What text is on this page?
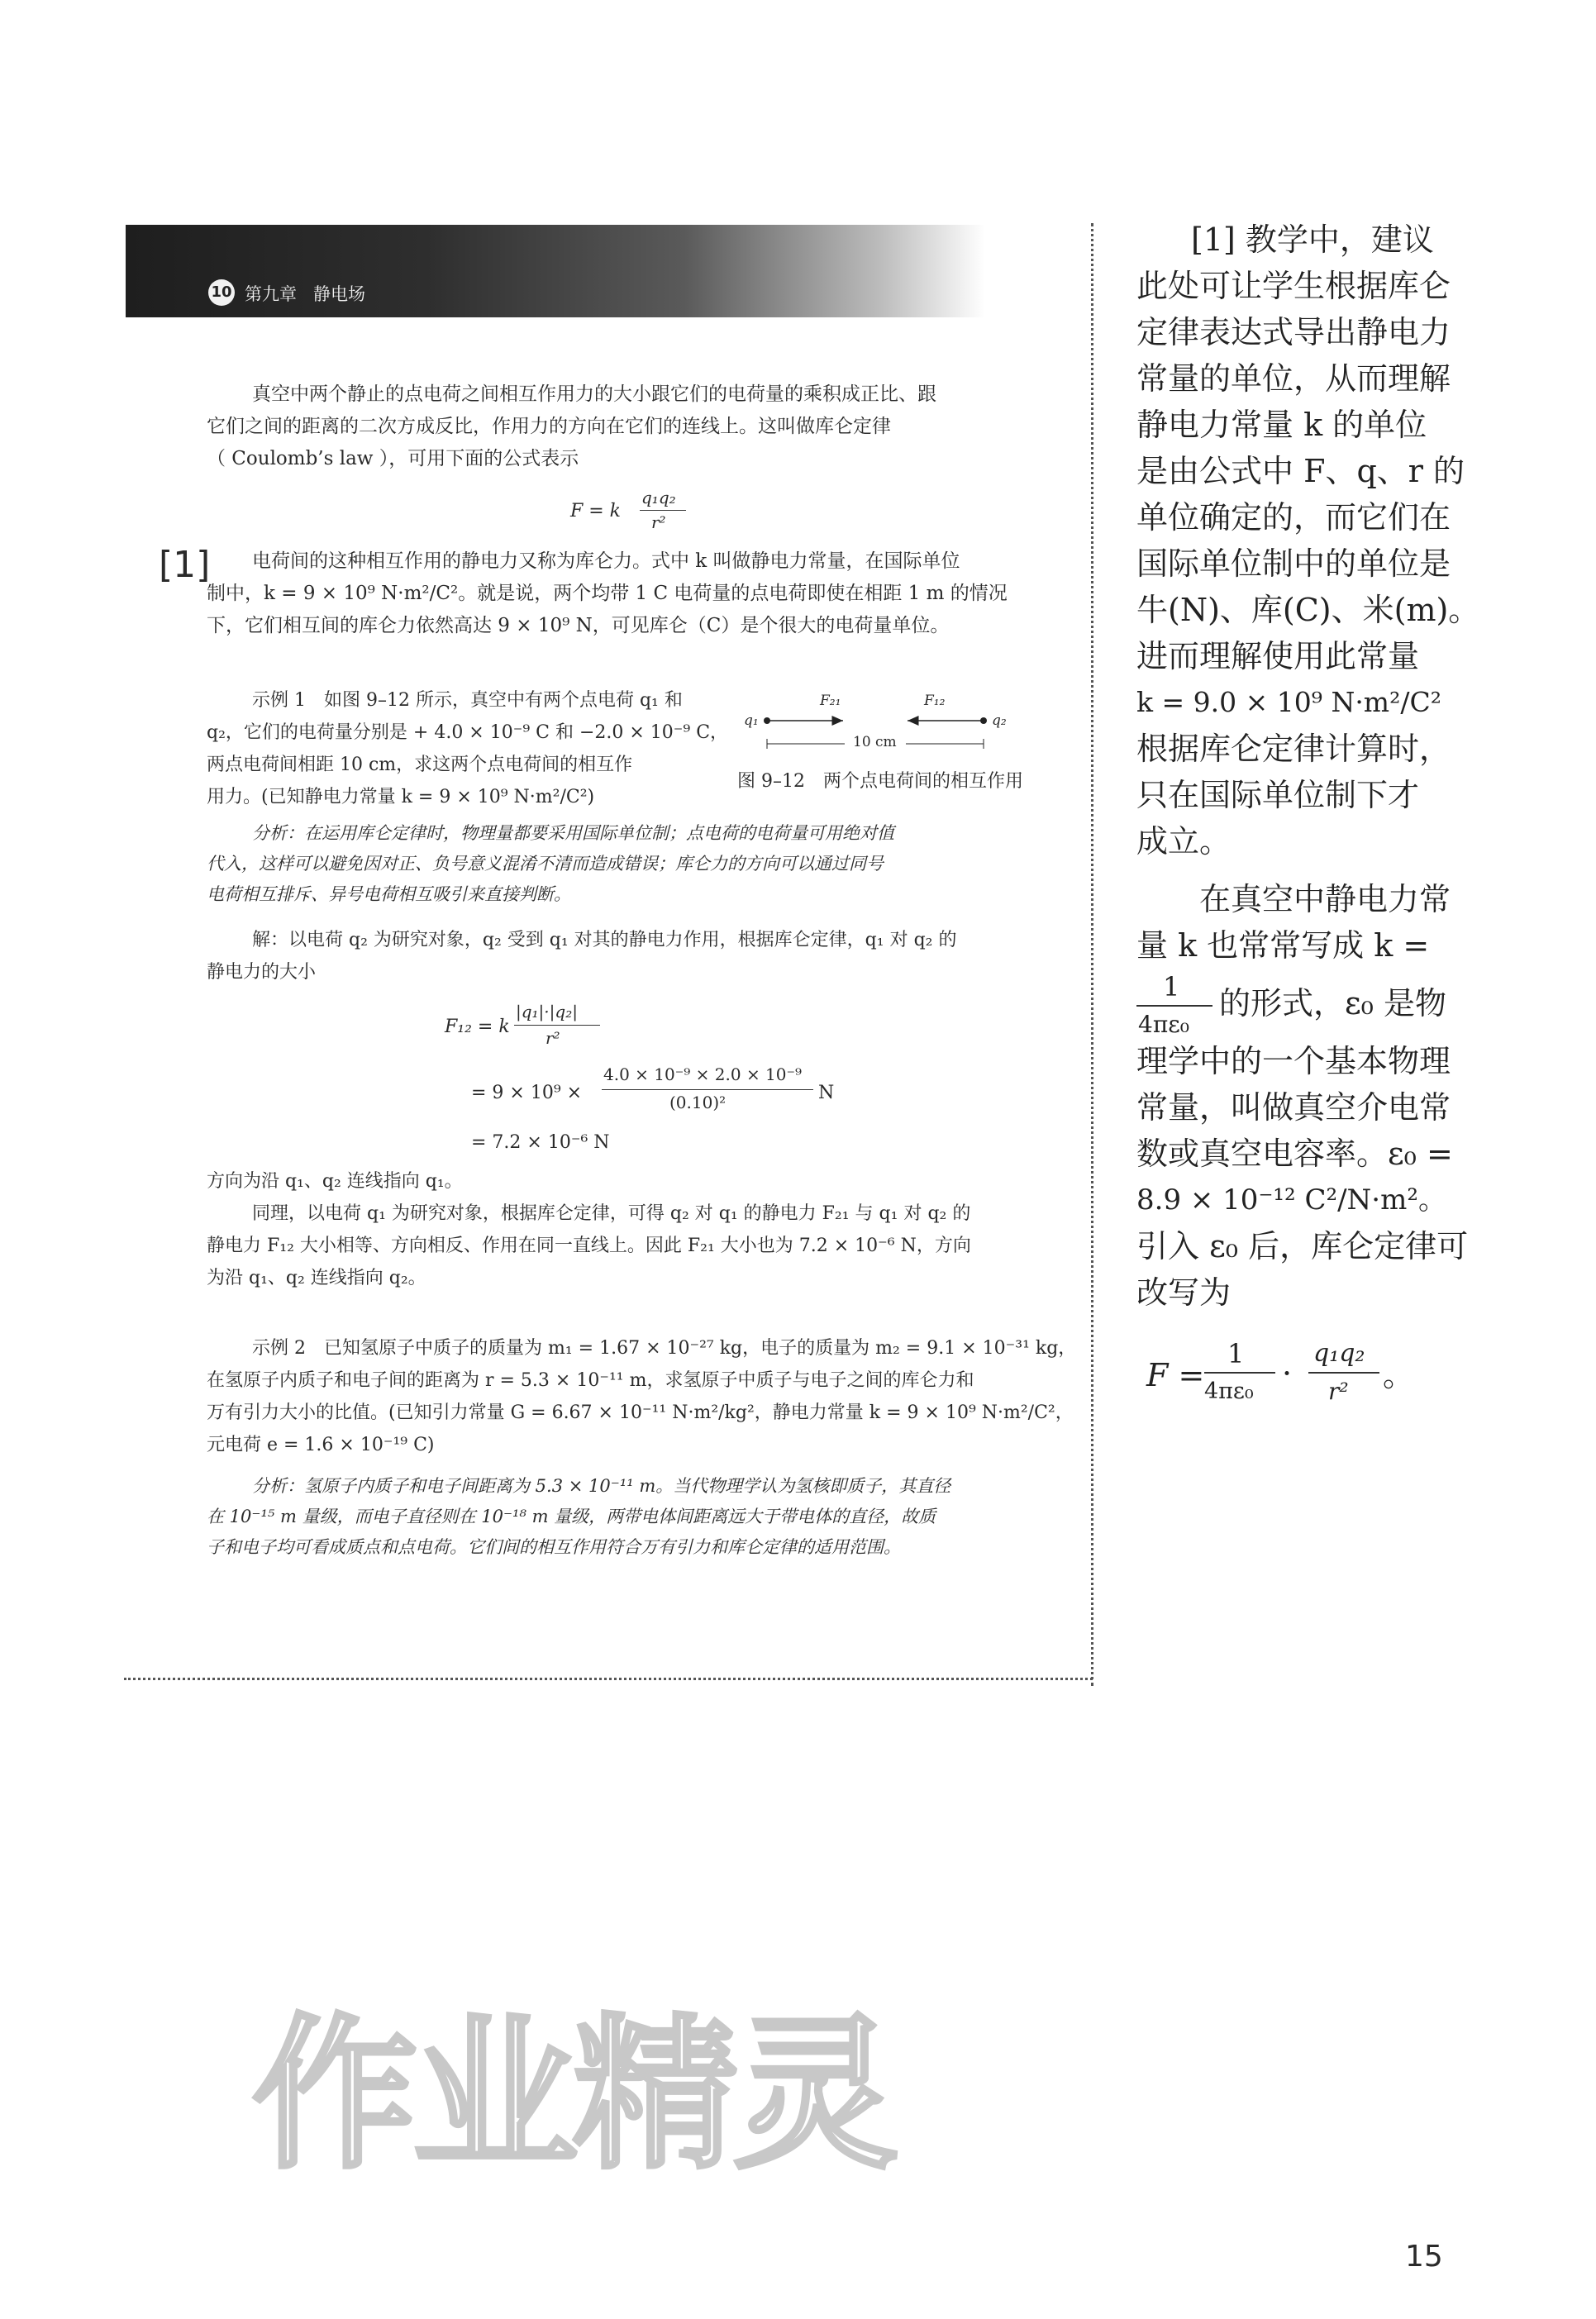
10 第九章   静电场
真空中两个静止的点电荷之间相互作用力的大小跟它们的电荷量的乘积成正比、跟
它们之间的距离的二次方成反比，作用力的方向在它们的连线上。这叫做库仑定律
（ Coulomb’s law ），可用下面的公式表示
F = k
q₁q₂
r²
[1] 电荷间的这种相互作用的静电力又称为库仑力。式中 k 叫做静电力常量，在国际单位
制中，k = 9 × 10⁹ N·m²/C²。就是说，两个均带 1 C 电荷量的点电荷即使在相距 1 m 的情况
下，它们相互间的库仑力依然高达 9 × 10⁹ N，可见库仑（C）是个很大的电荷量单位。
示例 1　如图 9–12 所示，真空中有两个点电荷 q₁ 和
q₂，它们的电荷量分别是 + 4.0 × 10⁻⁹ C 和 −2.0 × 10⁻⁹ C，
两点电荷间相距 10 cm，求这两个点电荷间的相互作
用力。(已知静电力常量 k = 9 × 10⁹ N·m²/C²)
q₁	q₂
F₂₁	F₁₂
10 cm
图 9–12　两个点电荷间的相互作用
分析：在运用库仑定律时，物理量都要采用国际单位制；点电荷的电荷量可用绝对值
代入，这样可以避免因对正、负号意义混淆不清而造成错误；库仑力的方向可以通过同号
电荷相互排斥、异号电荷相互吸引来直接判断。
解：以电荷 q₂ 为研究对象，q₂ 受到 q₁ 对其的静电力作用，根据库仑定律，q₁ 对 q₂ 的
静电力的大小
F₁₂ = k
|q₁|·|q₂|
r²
= 9 × 10⁹ ×
4.0 × 10⁻⁹ × 2.0 × 10⁻⁹
(0.10)²	N
= 7.2 × 10⁻⁶ N
方向为沿 q₁、q₂ 连线指向 q₁。
同理，以电荷 q₁ 为研究对象，根据库仑定律，可得 q₂ 对 q₁ 的静电力 F₂₁ 与 q₁ 对 q₂ 的
静电力 F₁₂ 大小相等、方向相反、作用在同一直线上。因此 F₂₁ 大小也为 7.2 × 10⁻⁶ N，方向
为沿 q₁、q₂ 连线指向 q₂。
示例 2　已知氢原子中质子的质量为 m₁ = 1.67 × 10⁻²⁷ kg，电子的质量为 m₂ = 9.1 × 10⁻³¹ kg，
在氢原子内质子和电子间的距离为 r = 5.3 × 10⁻¹¹ m，求氢原子中质子与电子之间的库仑力和
万有引力大小的比值。(已知引力常量 G = 6.67 × 10⁻¹¹ N·m²/kg²，静电力常量 k = 9 × 10⁹ N·m²/C²，
元电荷 e = 1.6 × 10⁻¹⁹ C)
分析：氢原子内质子和电子间距离为 5.3 × 10⁻¹¹ m。当代物理学认为氢核即质子，其直径
在 10⁻¹⁵ m 量级，而电子直径则在 10⁻¹⁸ m 量级，两带电体间距离远大于带电体的直径，故质
子和电子均可看成质点和点电荷。它们间的相互作用符合万有引力和库仑定律的适用范围。
[1] 教学中，建议
此处可让学生根据库仑
定律表达式导出静电力
常量的单位，从而理解
静电力常量 k 的单位
是由公式中 F、q、r 的
单位确定的，而它们在
国际单位制中的单位是
牛(N)、库(C)、米(m)。
进而理解使用此常量
k = 9.0 × 10⁹ N·m²/C²
根据库仑定律计算时，
只在国际单位制下才
成立。
在真空中静电力常
量 k 也常常写成 k =
1
4πε₀
的形式，ε₀ 是物
理学中的一个基本物理
常量，叫做真空介电常
数或真空电容率。ε₀ =
8.9 × 10⁻¹² C²/N·m²。
引入 ε₀ 后，库仑定律可
改写为
F =
1
4πε₀ ·
q₁q₂
r² 。
作业精灵
15
